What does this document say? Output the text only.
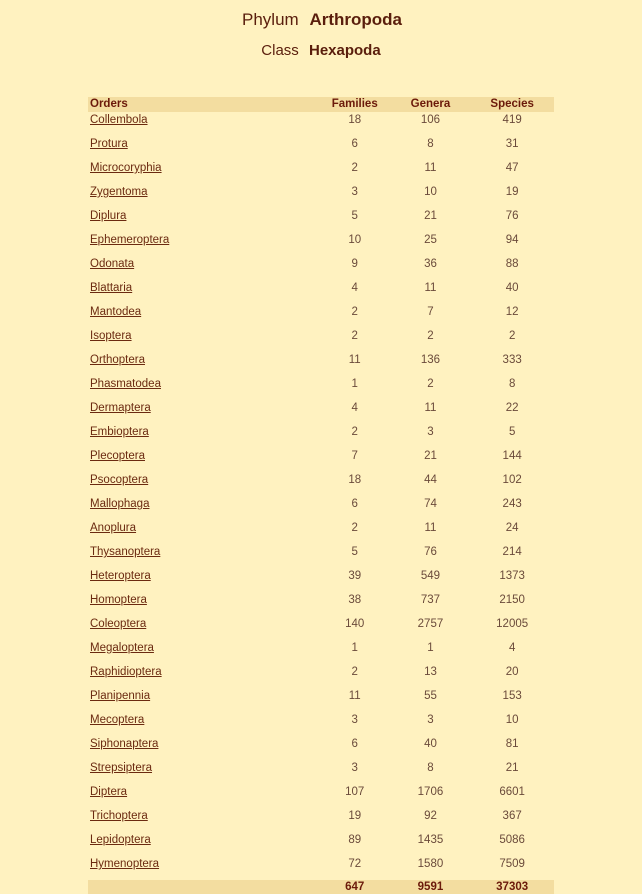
Phylum Arthropoda
Class Hexapoda
Orders	Families	Genera	Species
Collembola	18	106	419
Protura	6	8	31
Microcoryphia	2	11	47
Zygentoma	3	10	19
Diplura	5	21	76
Ephemeroptera	10	25	94
Odonata	9	36	88
Blattaria	4	11	40
Mantodea	2	7	12
Isoptera	2	2	2
Orthoptera	11	136	333
Phasmatodea	1	2	8
Dermaptera	4	11	22
Embioptera	2	3	5
Plecoptera	7	21	144
Psocoptera	18	44	102
Mallophaga	6	74	243
Anoplura	2	11	24
Thysanoptera	5	76	214
Heteroptera	39	549	1373
Homoptera	38	737	2150
Coleoptera	140	2757	12005
Megaloptera	1	1	4
Raphidioptera	2	13	20
Planipennia	11	55	153
Mecoptera	3	3	10
Siphonaptera	6	40	81
Strepsiptera	3	8	21
Diptera	107	1706	6601
Trichoptera	19	92	367
Lepidoptera	89	1435	5086
Hymenoptera	72	1580	7509
	647	9591	37303
